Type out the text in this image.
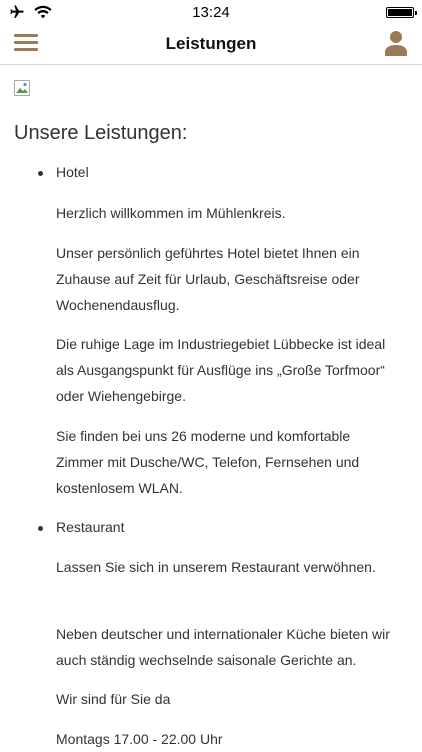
13:24
Leistungen
Unsere Leistungen:
Hotel

Herzlich willkommen im Mühlenkreis.

Unser persönlich geführtes Hotel bietet Ihnen ein Zuhause auf Zeit für Urlaub, Geschäftsreise oder Wochenendausflug.

Die ruhige Lage im Industriegebiet Lübbecke ist ideal als Ausgangspunkt für Ausflüge ins „Große Torfmoor“ oder Wiehengebirge.

Sie finden bei uns 26 moderne und komfortable Zimmer mit Dusche/WC, Telefon, Fernsehen und kostenlosem WLAN.

Restaurant

Lassen Sie sich in unserem Restaurant verwöhnen.

Neben deutscher und internationaler Küche bieten wir auch ständig wechselnde saisonale Gerichte an.

Wir sind für Sie da

Montags 17.00 - 22.00 Uhr
